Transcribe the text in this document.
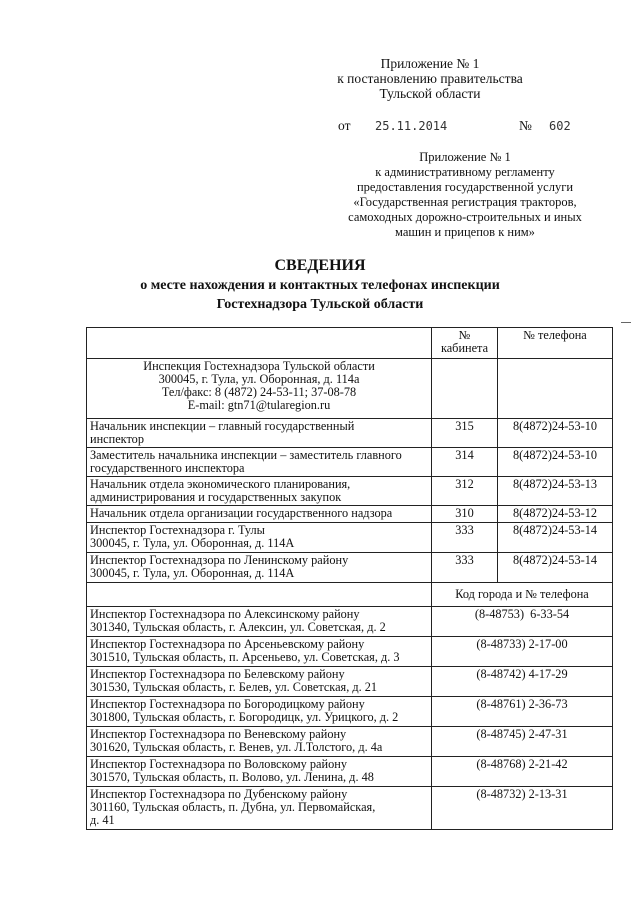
Приложение № 1
к постановлению правительства
Тульской области
от 25.11.2014	№ 602
Приложение № 1
к административному регламенту
предоставления государственной услуги
«Государственная регистрация тракторов,
самоходных дорожно-строительных и иных
машин и прицепов к ним»
СВЕДЕНИЯ
о месте нахождения и контактных телефонах инспекции
Гостехнадзора Тульской области

	№
кабинета	№ телефона

Инспекция Гостехнадзора Тульской области
300045, г. Тула, ул. Оборонная, д. 114а
Тел/факс: 8 (4872) 24-53-11; 37-08-78
E-mail: gtn71@tularegion.ru		

Начальник инспекции – главный государственный
инспектор	315	8(4872)24-53-10

Заместитель начальника инспекции – заместитель главного
государственного инспектора	314	8(4872)24-53-10

Начальник отдела экономического планирования,
администрирования и государственных закупок	312	8(4872)24-53-13
Начальник отдела организации государственного надзора	310	8(4872)24-53-12

Инспектор Гостехнадзора г. Тулы
300045, г. Тула, ул. Оборонная, д. 114А	333	8(4872)24-53-14

Инспектор Гостехнадзора по Ленинскому району
300045, г. Тула, ул. Оборонная, д. 114А	333	8(4872)24-53-14
	Код города и № телефона	

Инспектор Гостехнадзора по Алексинскому району
301340, Тульская область, г. Алексин, ул. Советская, д. 2	(8-48753)  6-33-54	

Инспектор Гостехнадзора по Арсеньевскому району
301510, Тульская область, п. Арсеньево, ул. Советская, д. 3	(8-48733) 2-17-00	

Инспектор Гостехнадзора по Белевскому району
301530, Тульская область, г. Белев, ул. Советская, д. 21	(8-48742) 4-17-29	

Инспектор Гостехнадзора по Богородицкому району
301800, Тульская область, г. Богородицк, ул. Урицкого, д. 2	(8-48761) 2-36-73	

Инспектор Гостехнадзора по Веневскому району
301620, Тульская область, г. Венев, ул. Л.Толстого, д. 4а	(8-48745) 2-47-31	

Инспектор Гостехнадзора по Воловскому району
301570, Тульская область, п. Волово, ул. Ленина, д. 48	(8-48768) 2-21-42	

Инспектор Гостехнадзора по Дубенскому району
301160, Тульская область, п. Дубна, ул. Первомайская,
д. 41	(8-48732) 2-13-31	
